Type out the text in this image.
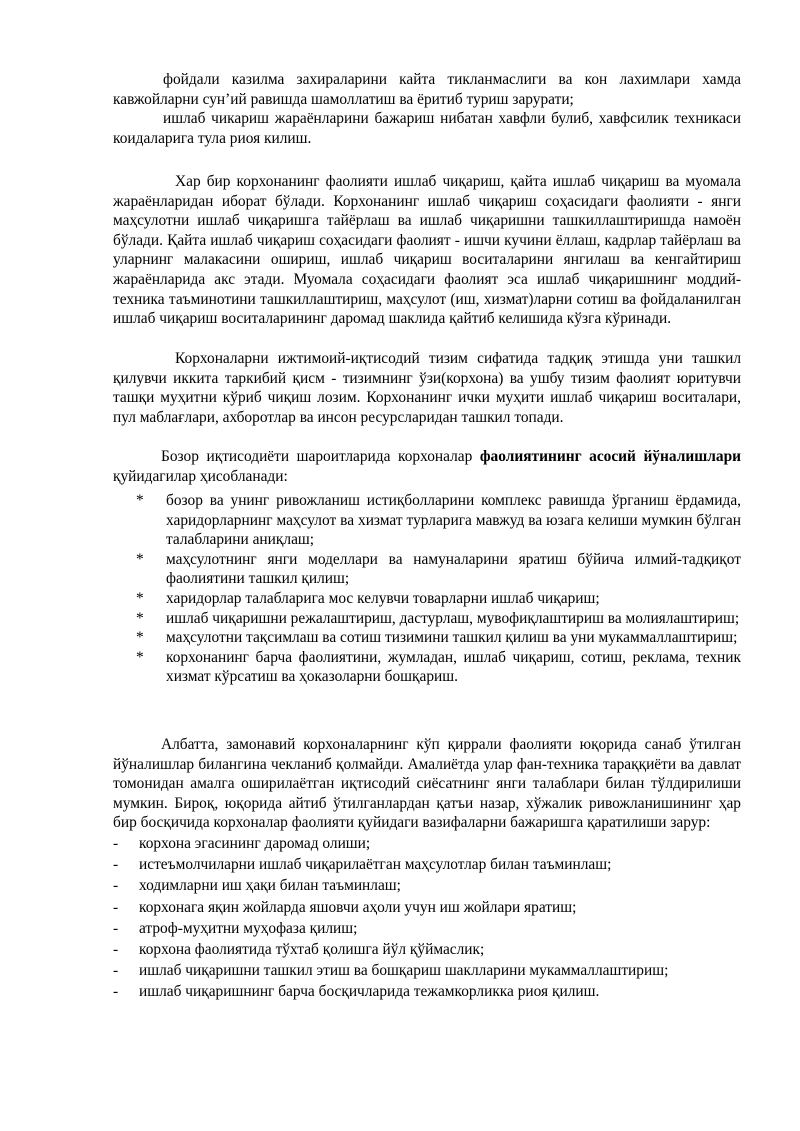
фойдали казилма захираларини кайта тикланмаслиги ва кон лахимлари хамда кавжойларни сун’ий равишда шамоллатиш ва ёритиб туриш зарурати;

ишлаб чикариш жараёнларини бажариш нибатан хавфли булиб, хавфсилик техникаси коидаларига тула риоя килиш.

Хар бир корхонанинг фаолияти ишлаб чиқариш, қайта ишлаб чиқариш ва муомала жараёнларидан иборат бўлади. Корхонанинг ишлаб чиқариш соҳасидаги фаолияти - янги маҳсулотни ишлаб чиқаришга тайёрлаш ва ишлаб чиқаришни ташкиллаштиришда намоён бўлади. Қайта ишлаб чиқариш соҳасидаги фаолият - ишчи кучини ёллаш, кадрлар тайёрлаш ва уларнинг малакасини ошириш, ишлаб чиқариш воситаларини янгилаш ва кенгайтириш жараёнларида акс этади. Муомала соҳасидаги фаолият эса ишлаб чиқаришнинг моддий-техника таъминотини ташкиллаштириш, маҳсулот (иш, хизмат)ларни сотиш ва фойдаланилган ишлаб чиқариш воситаларининг даромад шаклида қайтиб келишида кўзга кўринади.

Корхоналарни ижтимоий-иқтисодий тизим сифатида тадқиқ этишда уни ташкил қилувчи иккита таркибий қисм - тизимнинг ўзи(корхона) ва ушбу тизим фаолият юритувчи ташқи муҳитни кўриб чиқиш лозим. Корхонанинг ички муҳити ишлаб чиқариш воситалари, пул маблағлари, ахборотлар ва инсон ресурсларидан ташкил топади.

Бозор иқтисодиёти шароитларида корхоналар фаолиятининг асосий йўналишлари қуйидагилар ҳисобланади:

*	бозор ва унинг ривожланиш истиқболларини комплекс равишда ўрганиш ёрдамида, харидорларнинг маҳсулот ва хизмат турларига мавжуд ва юзага келиши мумкин бўлган талабларини аниқлаш;
*	маҳсулотнинг янги моделлари ва намуналарини яратиш бўйича илмий-тадқиқот фаолиятини ташкил қилиш;
*	харидорлар талабларига мос келувчи товарларни ишлаб чиқариш;
*	ишлаб чиқаришни режалаштириш, дастурлаш, мувофиқлаштириш ва молиялаштириш;
*	маҳсулотни тақсимлаш ва сотиш тизимини ташкил қилиш ва уни мукаммаллаштириш;
*	корхонанинг барча фаолиятини, жумладан, ишлаб чиқариш, сотиш, реклама, техник хизмат кўрсатиш ва ҳоказоларни бошқариш.

Албатта, замонавий корхоналарнинг кўп қиррали фаолияти юқорида санаб ўтилган йўналишлар билангина чекланиб қолмайди. Амалиётда улар фан-техника тараққиёти ва давлат томонидан амалга оширилаётган иқтисодий сиёсатнинг янги талаблари билан тўлдирилиши мумкин. Бироқ, юқорида айтиб ўтилганлардан қатъи назар, хўжалик ривожланишининг ҳар бир босқичида корхоналар фаолияти қуйидаги вазифаларни бажаришга қаратилиши зарур:

-	корхона эгасининг даромад олиши;
-	истеъмолчиларни ишлаб чиқарилаётган маҳсулотлар билан таъминлаш;
-	ходимларни иш ҳақи билан таъминлаш;
-	корхонага яқин жойларда яшовчи аҳоли учун иш жойлари яратиш;
-	атроф-муҳитни муҳофаза қилиш;
-	корхона фаолиятида тўхтаб қолишга йўл қўймаслик;
-	ишлаб чиқаришни ташкил этиш ва бошқариш шаклларини мукаммаллаштириш;
-	ишлаб чиқаришнинг барча босқичларида тежамкорликка риоя қилиш.
